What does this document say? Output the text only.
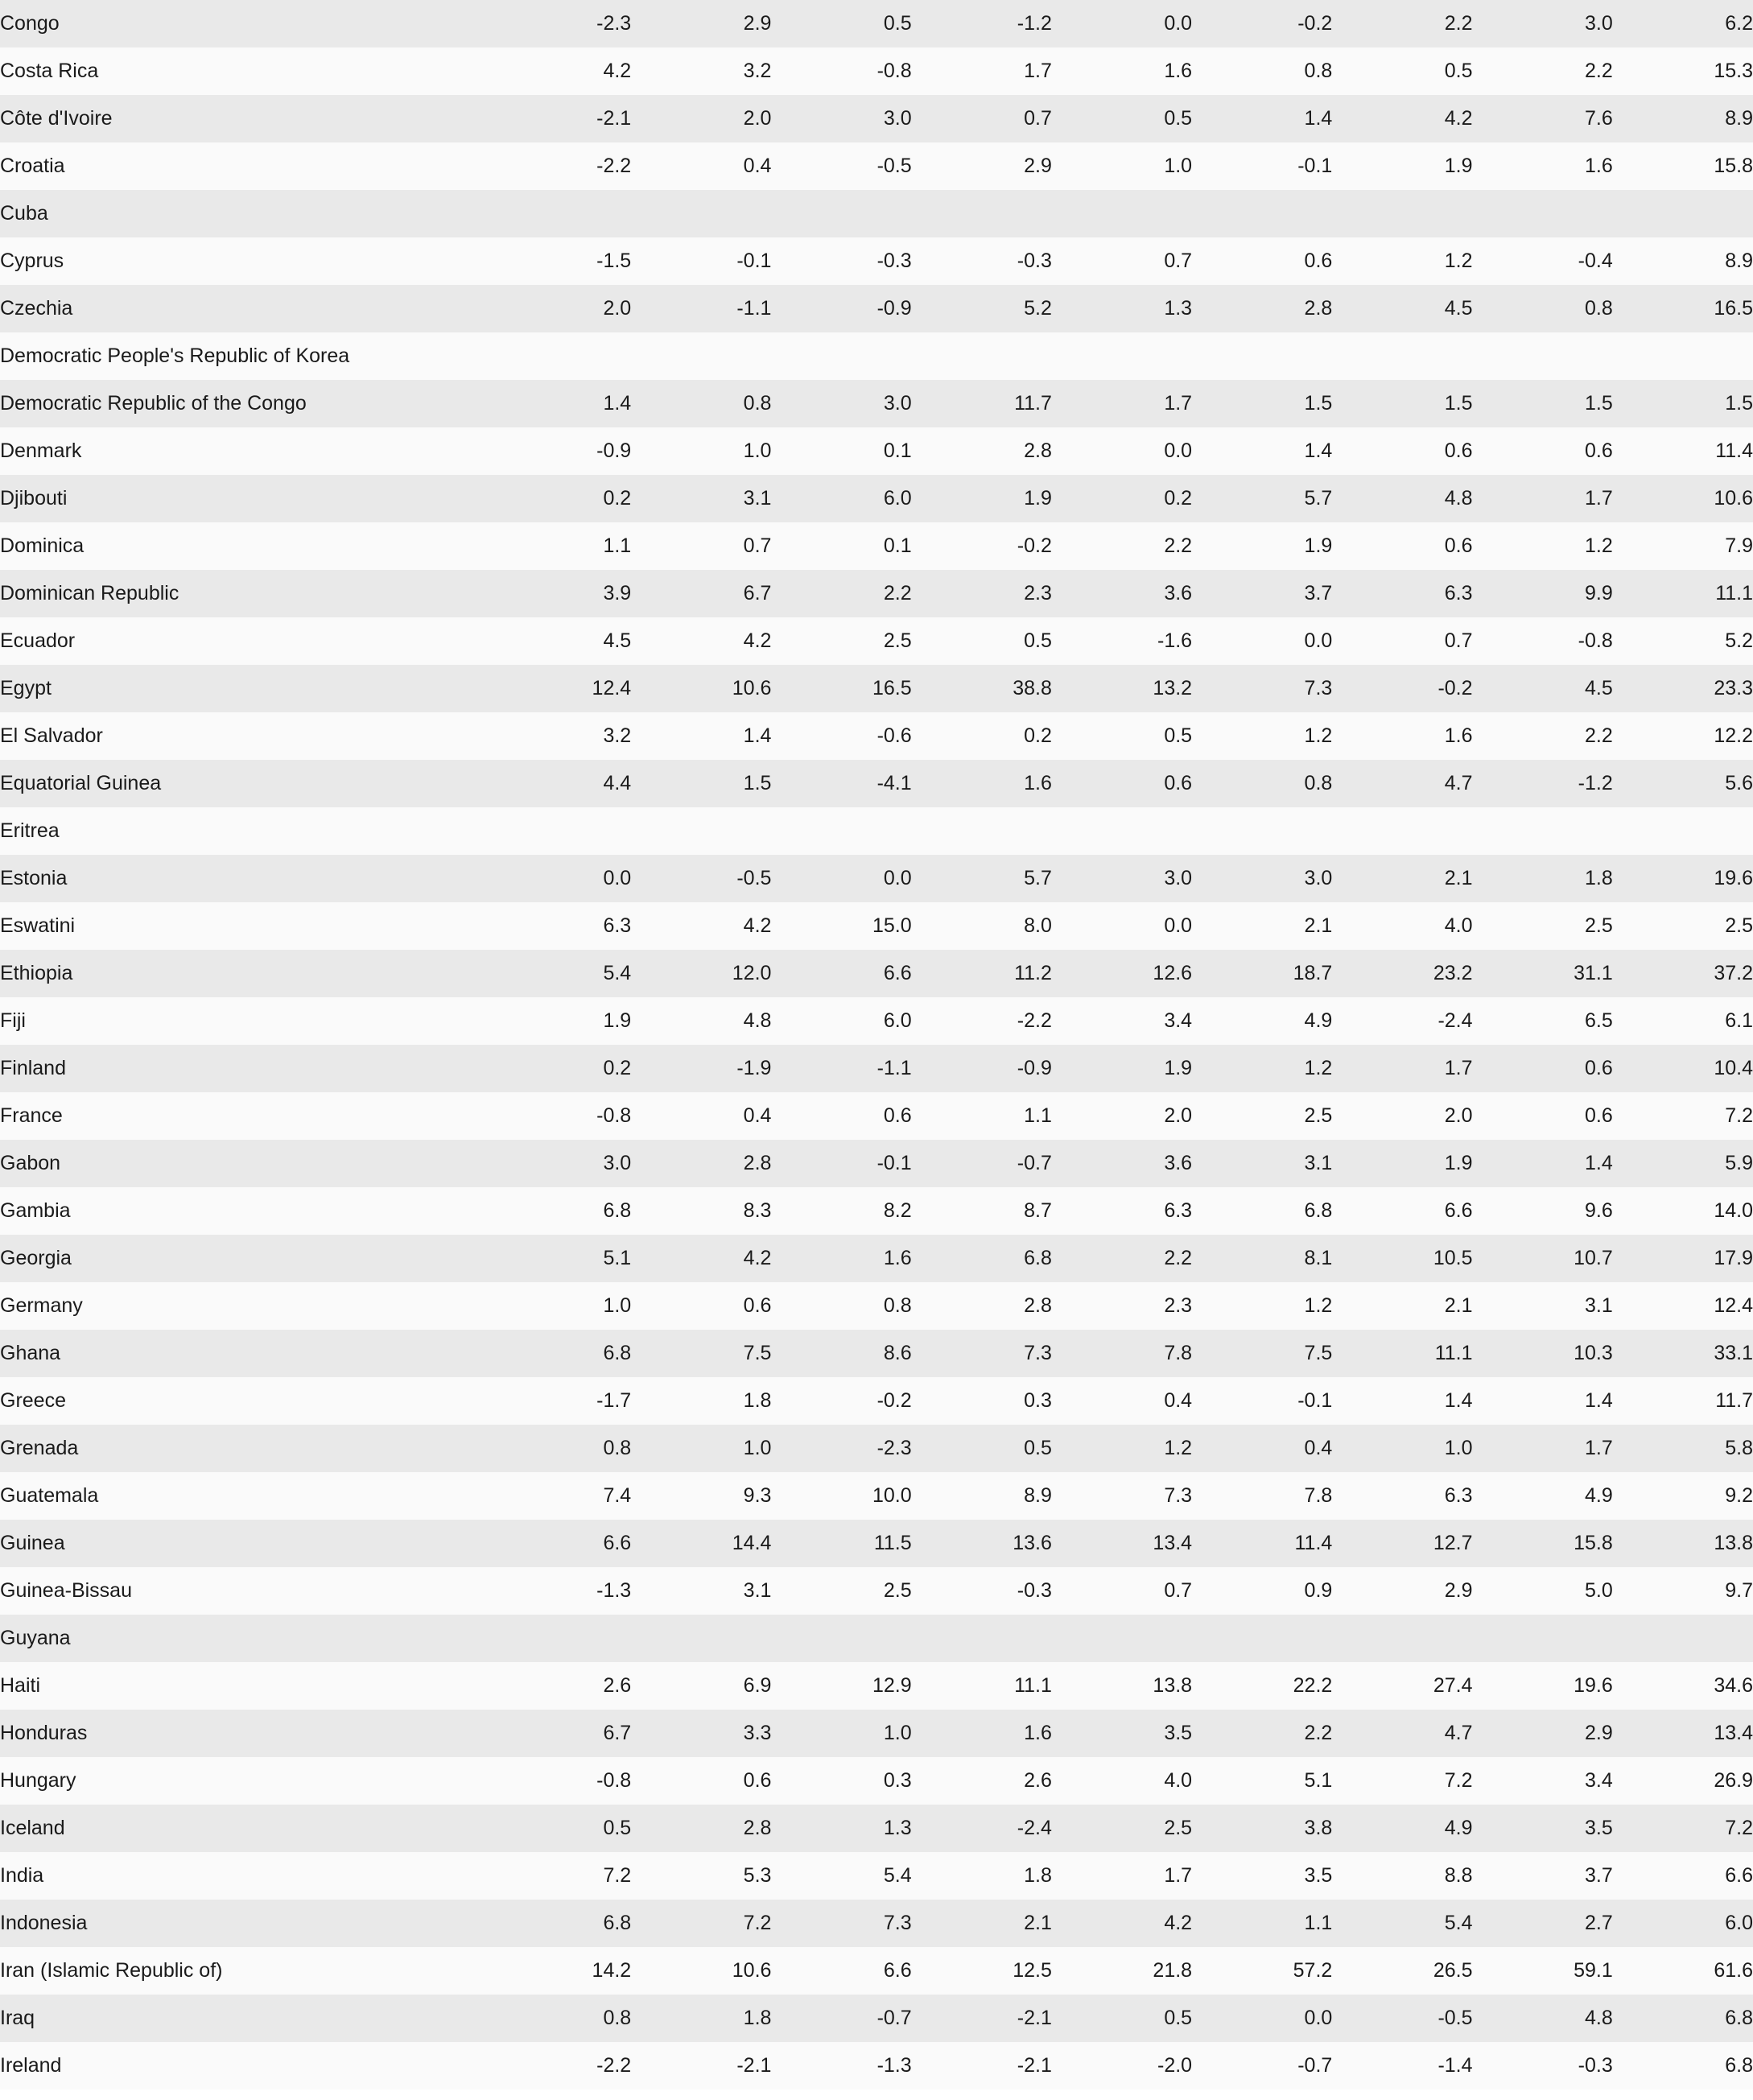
Congo	-2.3	2.9	0.5	-1.2	0.0	-0.2	2.2	3.0	6.2
Costa Rica	4.2	3.2	-0.8	1.7	1.6	0.8	0.5	2.2	15.3
Côte d'Ivoire	-2.1	2.0	3.0	0.7	0.5	1.4	4.2	7.6	8.9
Croatia	-2.2	0.4	-0.5	2.9	1.0	-0.1	1.9	1.6	15.8
Cuba									
Cyprus	-1.5	-0.1	-0.3	-0.3	0.7	0.6	1.2	-0.4	8.9
Czechia	2.0	-1.1	-0.9	5.2	1.3	2.8	4.5	0.8	16.5
Democratic People's Republic of Korea									
Democratic Republic of the Congo	1.4	0.8	3.0	11.7	1.7	1.5	1.5	1.5	1.5
Denmark	-0.9	1.0	0.1	2.8	0.0	1.4	0.6	0.6	11.4
Djibouti	0.2	3.1	6.0	1.9	0.2	5.7	4.8	1.7	10.6
Dominica	1.1	0.7	0.1	-0.2	2.2	1.9	0.6	1.2	7.9
Dominican Republic	3.9	6.7	2.2	2.3	3.6	3.7	6.3	9.9	11.1
Ecuador	4.5	4.2	2.5	0.5	-1.6	0.0	0.7	-0.8	5.2
Egypt	12.4	10.6	16.5	38.8	13.2	7.3	-0.2	4.5	23.3
El Salvador	3.2	1.4	-0.6	0.2	0.5	1.2	1.6	2.2	12.2
Equatorial Guinea	4.4	1.5	-4.1	1.6	0.6	0.8	4.7	-1.2	5.6
Eritrea									
Estonia	0.0	-0.5	0.0	5.7	3.0	3.0	2.1	1.8	19.6
Eswatini	6.3	4.2	15.0	8.0	0.0	2.1	4.0	2.5	2.5
Ethiopia	5.4	12.0	6.6	11.2	12.6	18.7	23.2	31.1	37.2
Fiji	1.9	4.8	6.0	-2.2	3.4	4.9	-2.4	6.5	6.1
Finland	0.2	-1.9	-1.1	-0.9	1.9	1.2	1.7	0.6	10.4
France	-0.8	0.4	0.6	1.1	2.0	2.5	2.0	0.6	7.2
Gabon	3.0	2.8	-0.1	-0.7	3.6	3.1	1.9	1.4	5.9
Gambia	6.8	8.3	8.2	8.7	6.3	6.8	6.6	9.6	14.0
Georgia	5.1	4.2	1.6	6.8	2.2	8.1	10.5	10.7	17.9
Germany	1.0	0.6	0.8	2.8	2.3	1.2	2.1	3.1	12.4
Ghana	6.8	7.5	8.6	7.3	7.8	7.5	11.1	10.3	33.1
Greece	-1.7	1.8	-0.2	0.3	0.4	-0.1	1.4	1.4	11.7
Grenada	0.8	1.0	-2.3	0.5	1.2	0.4	1.0	1.7	5.8
Guatemala	7.4	9.3	10.0	8.9	7.3	7.8	6.3	4.9	9.2
Guinea	6.6	14.4	11.5	13.6	13.4	11.4	12.7	15.8	13.8
Guinea-Bissau	-1.3	3.1	2.5	-0.3	0.7	0.9	2.9	5.0	9.7
Guyana									
Haiti	2.6	6.9	12.9	11.1	13.8	22.2	27.4	19.6	34.6
Honduras	6.7	3.3	1.0	1.6	3.5	2.2	4.7	2.9	13.4
Hungary	-0.8	0.6	0.3	2.6	4.0	5.1	7.2	3.4	26.9
Iceland	0.5	2.8	1.3	-2.4	2.5	3.8	4.9	3.5	7.2
India	7.2	5.3	5.4	1.8	1.7	3.5	8.8	3.7	6.6
Indonesia	6.8	7.2	7.3	2.1	4.2	1.1	5.4	2.7	6.0
Iran (Islamic Republic of)	14.2	10.6	6.6	12.5	21.8	57.2	26.5	59.1	61.6
Iraq	0.8	1.8	-0.7	-2.1	0.5	0.0	-0.5	4.8	6.8
Ireland	-2.2	-2.1	-1.3	-2.1	-2.0	-0.7	-1.4	-0.3	6.8
